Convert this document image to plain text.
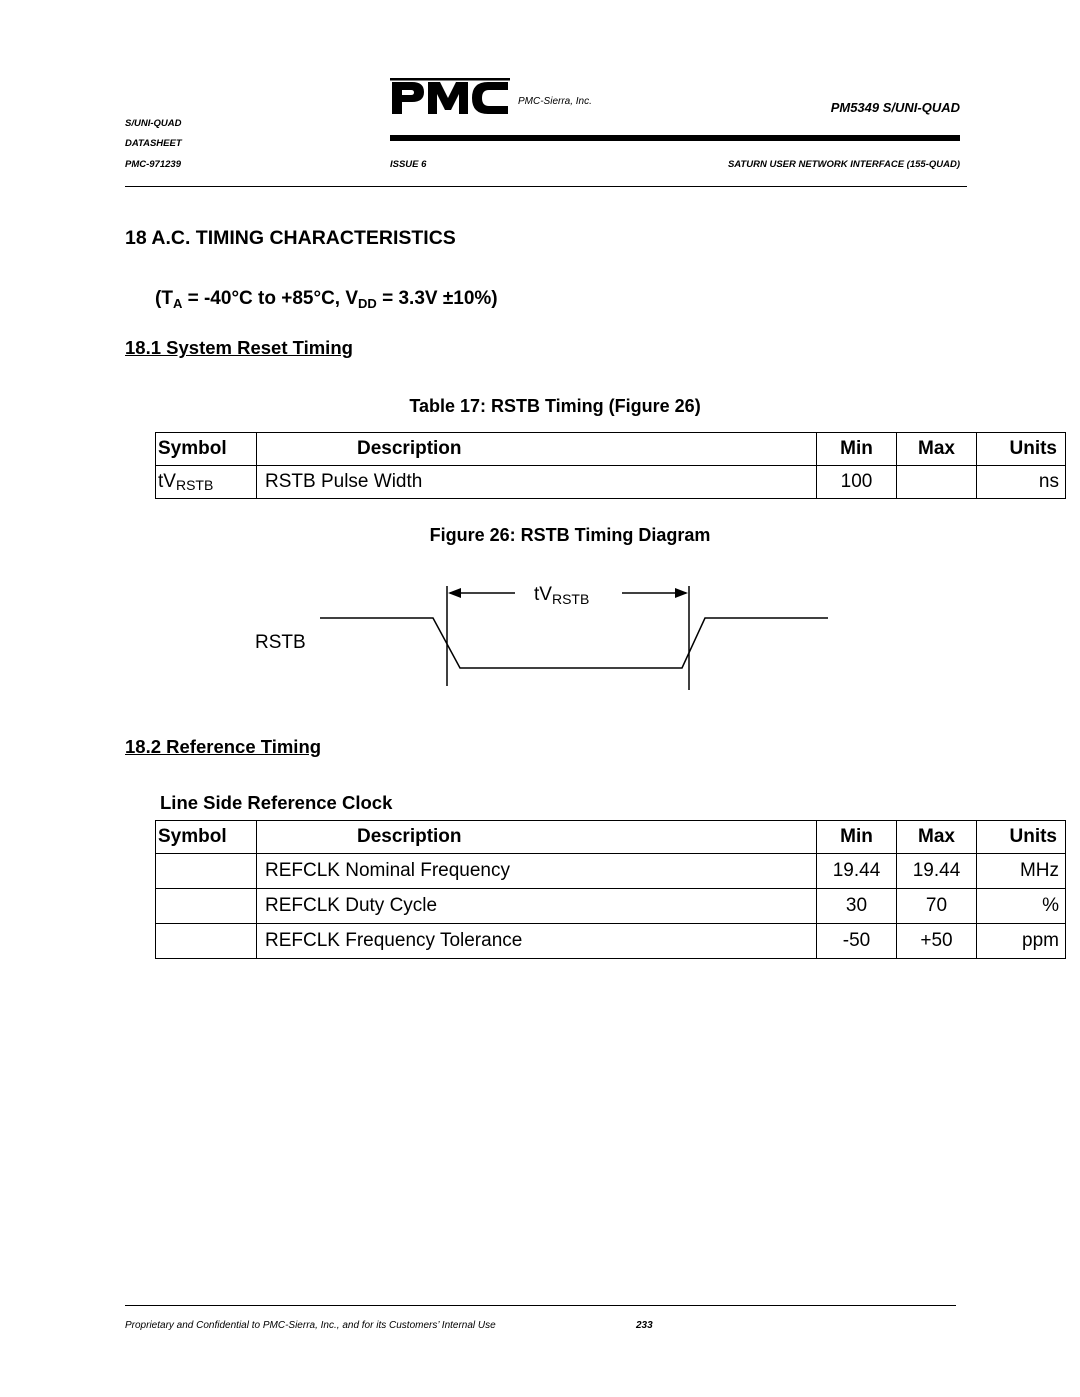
PMC-Sierra, Inc.	PM5349 S/UNI-QUAD
S/UNI-QUAD
DATASHEET
PMC-971239	ISSUE 6	SATURN USER NETWORK INTERFACE (155-QUAD)
18 A.C. TIMING CHARACTERISTICS
($T_A = -40^\circ C$ to +85°C, $V_{DD} = 3.3V \pm 10\%$)
18.1 System Reset Timing
Table 17: RSTB Timing (Figure 26)
Symbol	Description	Min	Max	Units
tVRSTB	RSTB Pulse Width	100		ns
Figure 26: RSTB Timing Diagram
$tV_{RSTB}$
RSTB
18.2 Reference Timing
Line Side Reference Clock
Symbol	Description	Min	Max	Units
	REFCLK Nominal Frequency	19.44	19.44	MHz
	REFCLK Duty Cycle	30	70	%
	REFCLK Frequency Tolerance	-50	+50	ppm
Proprietary and Confidential to PMC-Sierra, Inc., and for its Customers’ Internal Use	233
